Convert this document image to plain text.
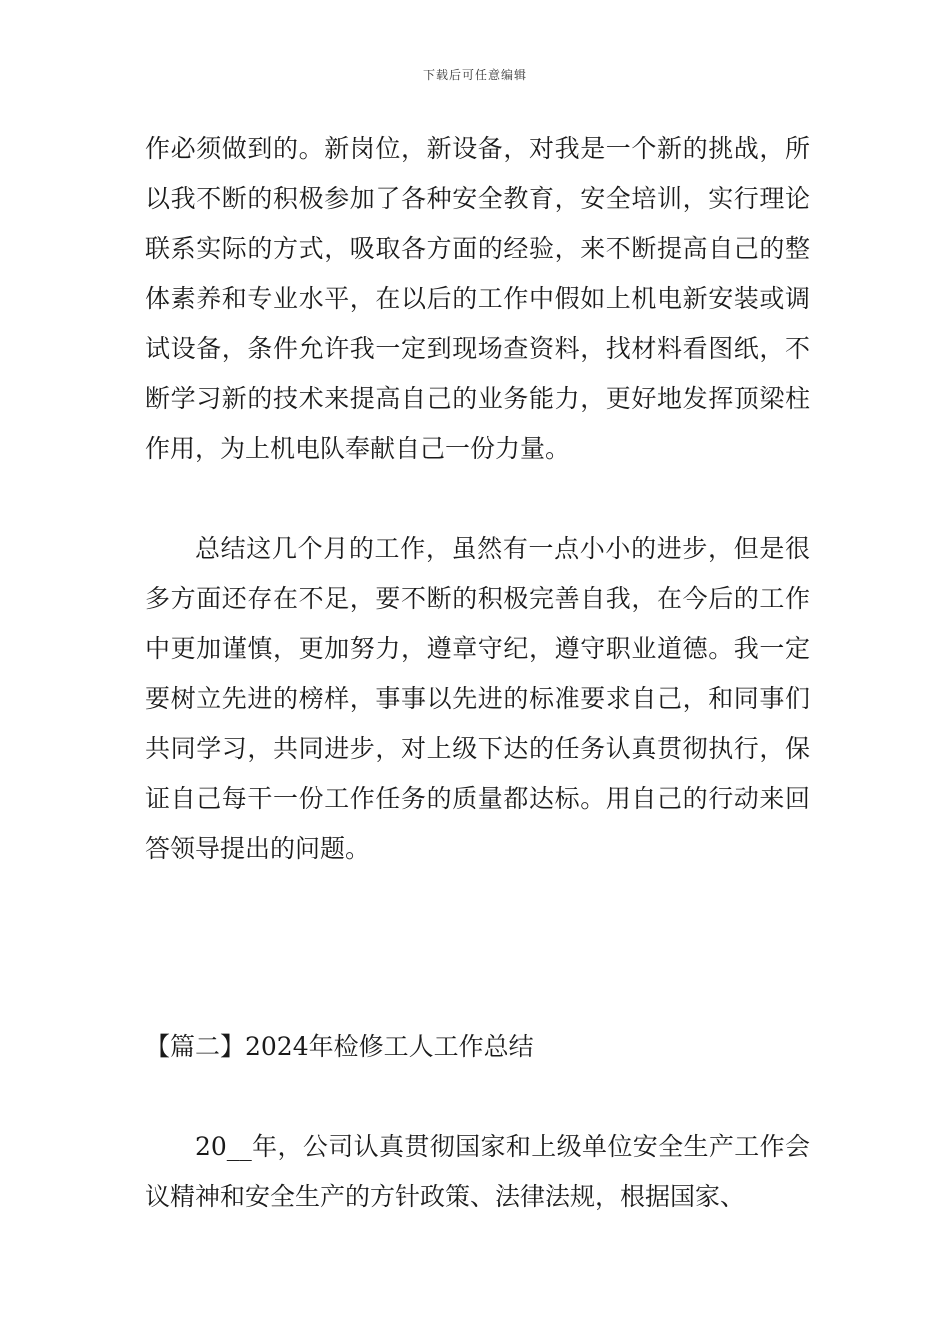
下载后可任意编辑

作必须做到的。新岗位，新设备，对我是一个新的挑战，所以我不断的积极参加了各种安全教育，安全培训，实行理论联系实际的方式，吸取各方面的经验，来不断提高自己的整体素养和专业水平，在以后的工作中假如上机电新安装或调试设备，条件允许我一定到现场查资料，找材料看图纸，不断学习新的技术来提高自己的业务能力，更好地发挥顶梁柱作用，为上机电队奉献自己一份力量。

总结这几个月的工作，虽然有一点小小的进步，但是很多方面还存在不足，要不断的积极完善自我，在今后的工作中更加谨慎，更加努力，遵章守纪，遵守职业道德。我一定要树立先进的榜样，事事以先进的标准要求自己，和同事们共同学习，共同进步，对上级下达的任务认真贯彻执行，保证自己每干一份工作任务的质量都达标。用自己的行动来回答领导提出的问题。

【篇二】2024年检修工人工作总结

20__年，公司认真贯彻国家和上级单位安全生产工作会议精神和安全生产的方针政策、法律法规，根据国家、
